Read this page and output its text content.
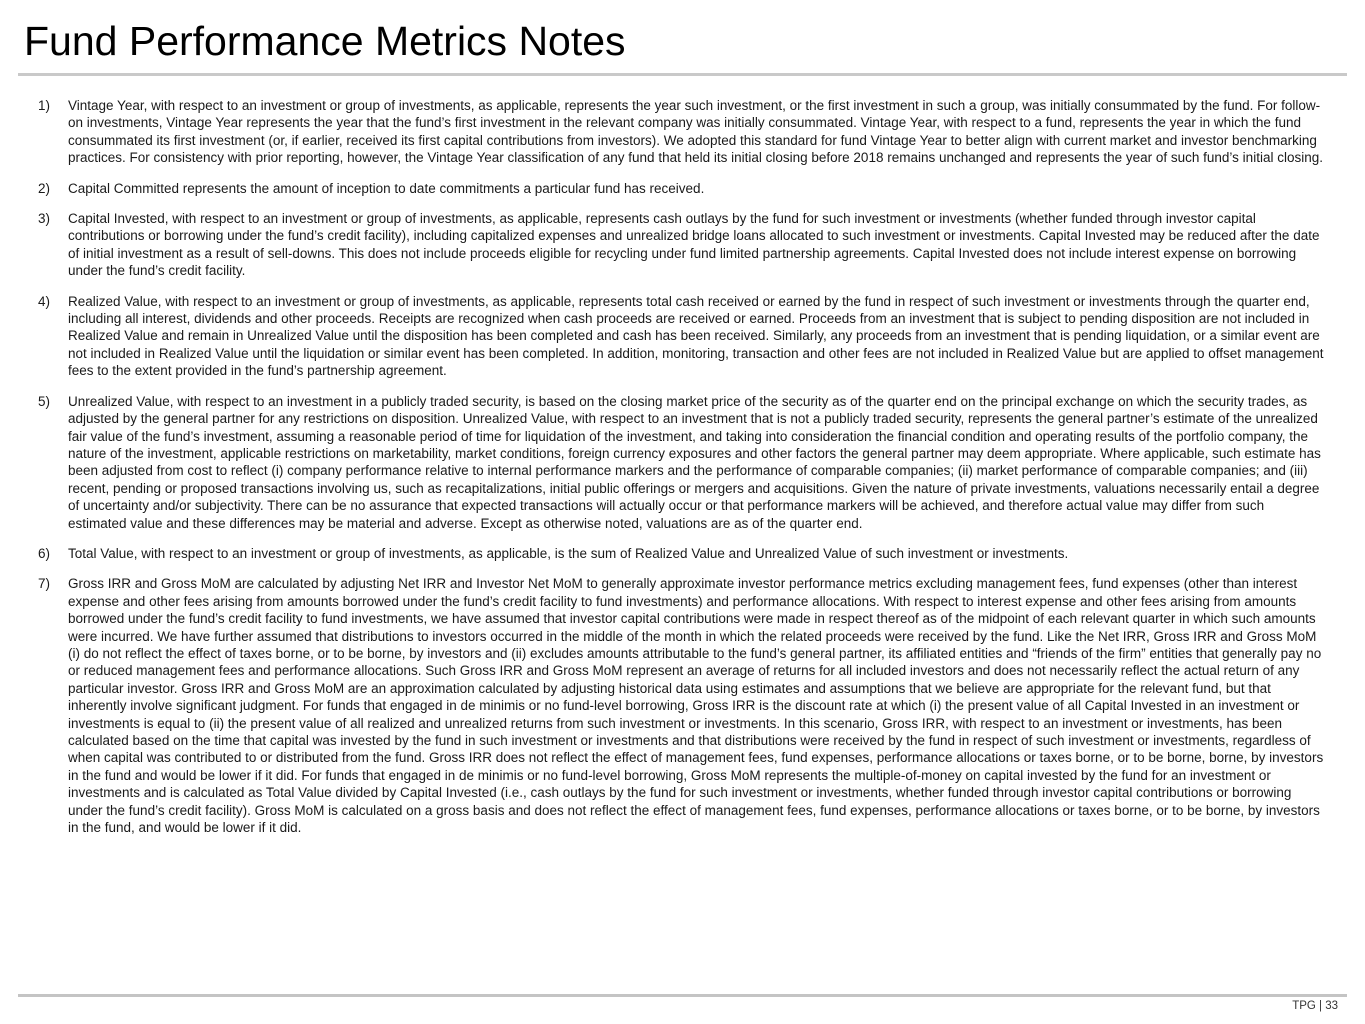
Fund Performance Metrics Notes
1)	Vintage Year, with respect to an investment or group of investments, as applicable, represents the year such investment, or the first investment in such a group, was initially consummated by the fund. For follow-on investments, Vintage Year represents the year that the fund’s first investment in the relevant company was initially consummated. Vintage Year, with respect to a fund, represents the year in which the fund consummated its first investment (or, if earlier, received its first capital contributions from investors). We adopted this standard for fund Vintage Year to better align with current market and investor benchmarking practices. For consistency with prior reporting, however, the Vintage Year classification of any fund that held its initial closing before 2018 remains unchanged and represents the year of such fund’s initial closing.

2)	Capital Committed represents the amount of inception to date commitments a particular fund has received.

3)	Capital Invested, with respect to an investment or group of investments, as applicable, represents cash outlays by the fund for such investment or investments (whether funded through investor capital contributions or borrowing under the fund’s credit facility), including capitalized expenses and unrealized bridge loans allocated to such investment or investments. Capital Invested may be reduced after the date of initial investment as a result of sell-downs. This does not include proceeds eligible for recycling under fund limited partnership agreements. Capital Invested does not include interest expense on borrowing under the fund’s credit facility.

4)	Realized Value, with respect to an investment or group of investments, as applicable, represents total cash received or earned by the fund in respect of such investment or investments through the quarter end, including all interest, dividends and other proceeds. Receipts are recognized when cash proceeds are received or earned. Proceeds from an investment that is subject to pending disposition are not included in Realized Value and remain in Unrealized Value until the disposition has been completed and cash has been received. Similarly, any proceeds from an investment that is pending liquidation, or a similar event are not included in Realized Value until the liquidation or similar event has been completed. In addition, monitoring, transaction and other fees are not included in Realized Value but are applied to offset management fees to the extent provided in the fund’s partnership agreement.

5)	Unrealized Value, with respect to an investment in a publicly traded security, is based on the closing market price of the security as of the quarter end on the principal exchange on which the security trades, as adjusted by the general partner for any restrictions on disposition. Unrealized Value, with respect to an investment that is not a publicly traded security, represents the general partner’s estimate of the unrealized fair value of the fund’s investment, assuming a reasonable period of time for liquidation of the investment, and taking into consideration the financial condition and operating results of the portfolio company, the nature of the investment, applicable restrictions on marketability, market conditions, foreign currency exposures and other factors the general partner may deem appropriate. Where applicable, such estimate has been adjusted from cost to reflect (i) company performance relative to internal performance markers and the performance of comparable companies; (ii) market performance of comparable companies; and (iii) recent, pending or proposed transactions involving us, such as recapitalizations, initial public offerings or mergers and acquisitions. Given the nature of private investments, valuations necessarily entail a degree of uncertainty and/or subjectivity. There can be no assurance that expected transactions will actually occur or that performance markers will be achieved, and therefore actual value may differ from such estimated value and these differences may be material and adverse. Except as otherwise noted, valuations are as of the quarter end.

6)	Total Value, with respect to an investment or group of investments, as applicable, is the sum of Realized Value and Unrealized Value of such investment or investments.

7)	Gross IRR and Gross MoM are calculated by adjusting Net IRR and Investor Net MoM to generally approximate investor performance metrics excluding management fees, fund expenses (other than interest expense and other fees arising from amounts borrowed under the fund’s credit facility to fund investments) and performance allocations. With respect to interest expense and other fees arising from amounts borrowed under the fund’s credit facility to fund investments, we have assumed that investor capital contributions were made in respect thereof as of the midpoint of each relevant quarter in which such amounts were incurred. We have further assumed that distributions to investors occurred in the middle of the month in which the related proceeds were received by the fund. Like the Net IRR, Gross IRR and Gross MoM (i) do not reflect the effect of taxes borne, or to be borne, by investors and (ii) excludes amounts attributable to the fund’s general partner, its affiliated entities and “friends of the firm” entities that generally pay no or reduced management fees and performance allocations. Such Gross IRR and Gross MoM represent an average of returns for all included investors and does not necessarily reflect the actual return of any particular investor. Gross IRR and Gross MoM are an approximation calculated by adjusting historical data using estimates and assumptions that we believe are appropriate for the relevant fund, but that inherently involve significant judgment. For funds that engaged in de minimis or no fund-level borrowing, Gross IRR is the discount rate at which (i) the present value of all Capital Invested in an investment or investments is equal to (ii) the present value of all realized and unrealized returns from such investment or investments. In this scenario, Gross IRR, with respect to an investment or investments, has been calculated based on the time that capital was invested by the fund in such investment or investments and that distributions were received by the fund in respect of such investment or investments, regardless of when capital was contributed to or distributed from the fund. Gross IRR does not reflect the effect of management fees, fund expenses, performance allocations or taxes borne, or to be borne, borne, by investors in the fund and would be lower if it did. For funds that engaged in de minimis or no fund-level borrowing, Gross MoM represents the multiple-of-money on capital invested by the fund for an investment or investments and is calculated as Total Value divided by Capital Invested (i.e., cash outlays by the fund for such investment or investments, whether funded through investor capital contributions or borrowing under the fund’s credit facility). Gross MoM is calculated on a gross basis and does not reflect the effect of management fees, fund expenses, performance allocations or taxes borne, or to be borne, by investors in the fund, and would be lower if it did.

TPG | 33
